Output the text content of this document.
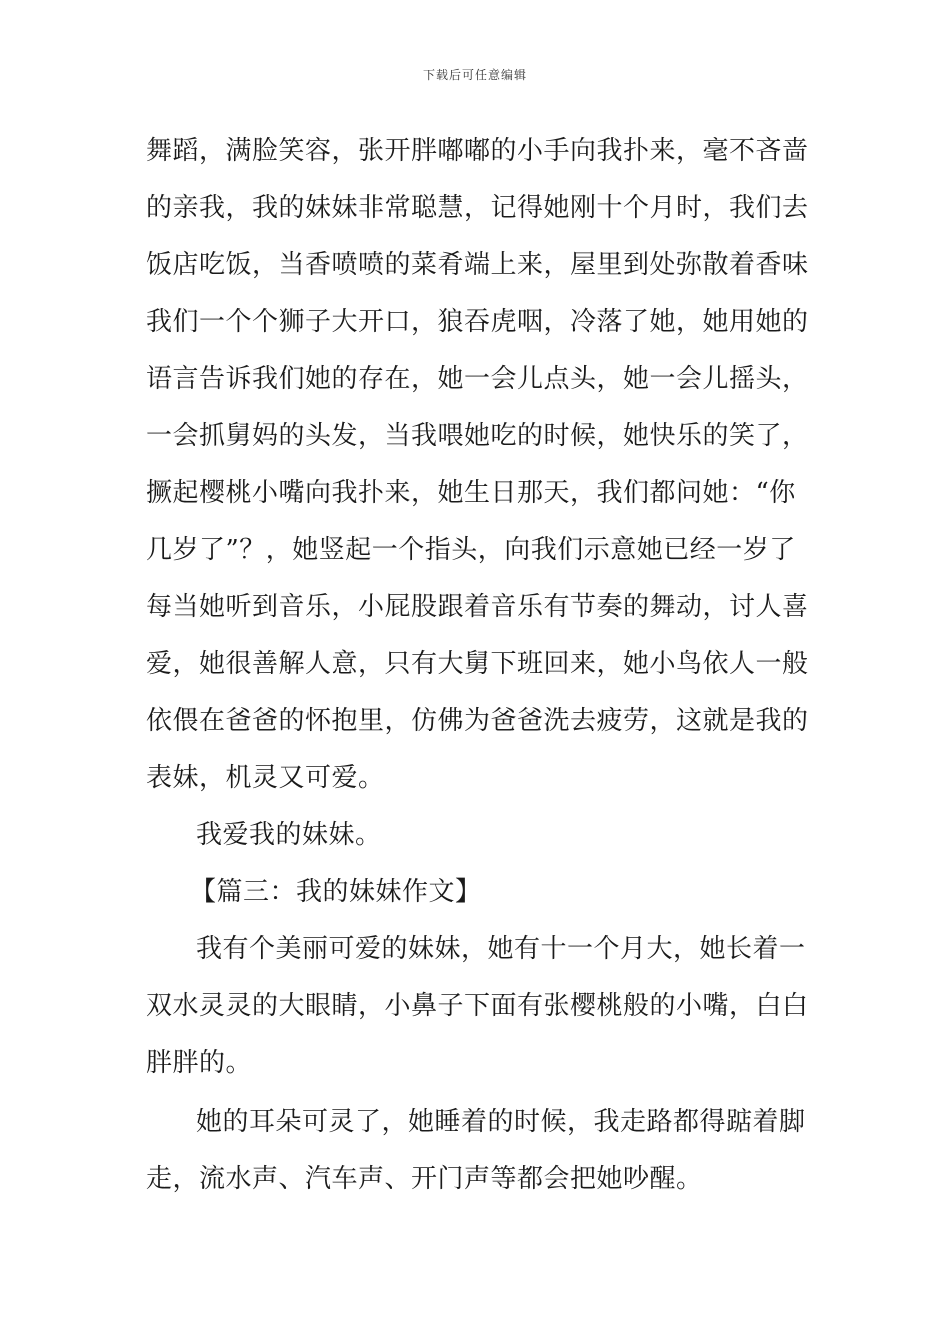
下载后可任意编辑
舞蹈，满脸笑容，张开胖嘟嘟的小手向我扑来，毫不吝啬
的亲我，我的妹妹非常聪慧，记得她刚十个月时，我们去
饭店吃饭，当香喷喷的菜肴端上来，屋里到处弥散着香味
我们一个个狮子大开口，狼吞虎咽，冷落了她，她用她的
语言告诉我们她的存在，她一会儿点头，她一会儿摇头，
一会抓舅妈的头发，当我喂她吃的时候，她快乐的笑了，
撅起樱桃小嘴向我扑来，她生日那天，我们都问她：“你
几岁了”？，她竖起一个指头，向我们示意她已经一岁了
每当她听到音乐，小屁股跟着音乐有节奏的舞动，讨人喜
爱，她很善解人意，只有大舅下班回来，她小鸟依人一般
依偎在爸爸的怀抱里，仿佛为爸爸洗去疲劳，这就是我的
表妹，机灵又可爱。
我爱我的妹妹。
【篇三：我的妹妹作文】
我有个美丽可爱的妹妹，她有十一个月大，她长着一
双水灵灵的大眼睛，小鼻子下面有张樱桃般的小嘴，白白
胖胖的。
她的耳朵可灵了，她睡着的时候，我走路都得踮着脚
走，流水声、汽车声、开门声等都会把她吵醒。
